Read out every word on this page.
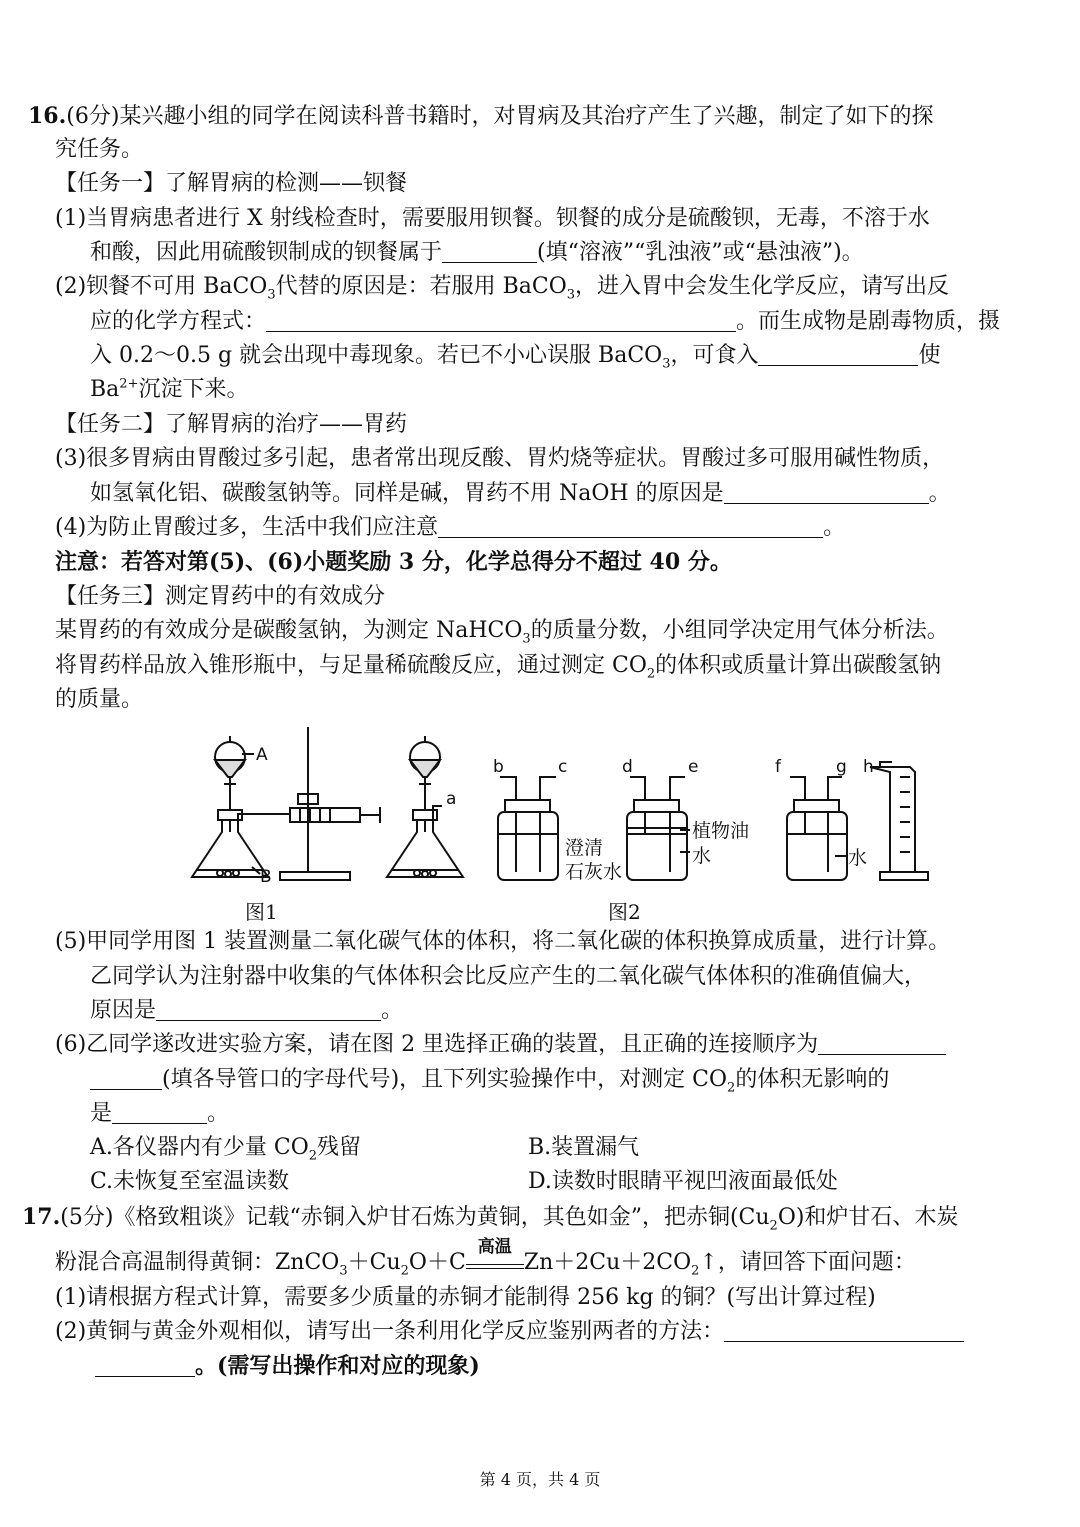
16.(6分)某兴趣小组的同学在阅读科普书籍时，对胃病及其治疗产生了兴趣，制定了如下的探
究任务。
【任务一】了解胃病的检测——钡餐
(1)当胃病患者进行 X 射线检查时，需要服用钡餐。钡餐的成分是硫酸钡，无毒，不溶于水
和酸，因此用硫酸钡制成的钡餐属于	(填“溶液”“乳浊液”或“悬浊液”)。
(2)钡餐不可用 BaCO$_3$代替的原因是：若服用 BaCO$_3$，进入胃中会发生化学反应，请写出反
应的化学方程式：	。而生成物是剧毒物质，摄
入 0.2～0.5 g 就会出现中毒现象。若已不小心误服 BaCO$_3$，可食入	使
$Ba^{2+}$沉淀下来。
【任务二】了解胃病的治疗——胃药
(3)很多胃病由胃酸过多引起，患者常出现反酸、胃灼烧等症状。胃酸过多可服用碱性物质，
如氢氧化铝、碳酸氢钠等。同样是碱，胃药不用 NaOH 的原因是	。
(4)为防止胃酸过多，生活中我们应注意	。
注意：若答对第(5)、(6)小题奖励 3 分，化学总得分不超过 40 分。
【任务三】测定胃药中的有效成分
某胃药的有效成分是碳酸氢钠，为测定 NaHCO$_3$的质量分数，小组同学决定用气体分析法。
将胃药样品放入锥形瓶中，与足量稀硫酸反应，通过测定 $CO_2$的体积或质量计算出碳酸氢钠
的质量。
A
B
a
b	c
澄清
石灰水
d	e
植物油
水
f	g
水
h
图1	图2
(5)甲同学用图 1 装置测量二氧化碳气体的体积，将二氧化碳的体积换算成质量，进行计算。
乙同学认为注射器中收集的气体体积会比反应产生的二氧化碳气体体积的准确值偏大，
原因是	。
(6)乙同学遂改进实验方案，请在图 2 里选择正确的装置，且正确的连接顺序为
(填各导管口的字母代号)，且下列实验操作中，对测定 $CO_2$的体积无影响的
是	。
A.各仪器内有少量 $CO_2$残留	B.装置漏气
C.未恢复至室温读数	D.读数时眼睛平视凹液面最低处
17.(5分)《格致粗谈》记载“赤铜入炉甘石炼为黄铜，其色如金”，把赤铜$(Cu_2O)$和炉甘石、木炭
粉混合高温制得黄铜：$ZnCO_3+Cu_2O+C$
高温
$Zn+2Cu+2CO_2↑$，请回答下面问题：
(1)请根据方程式计算，需要多少质量的赤铜才能制得 256 kg 的铜？(写出计算过程)
(2)黄铜与黄金外观相似，请写出一条利用化学反应鉴别两者的方法：
。(需写出操作和对应的现象)
第 4 页，共 4 页
